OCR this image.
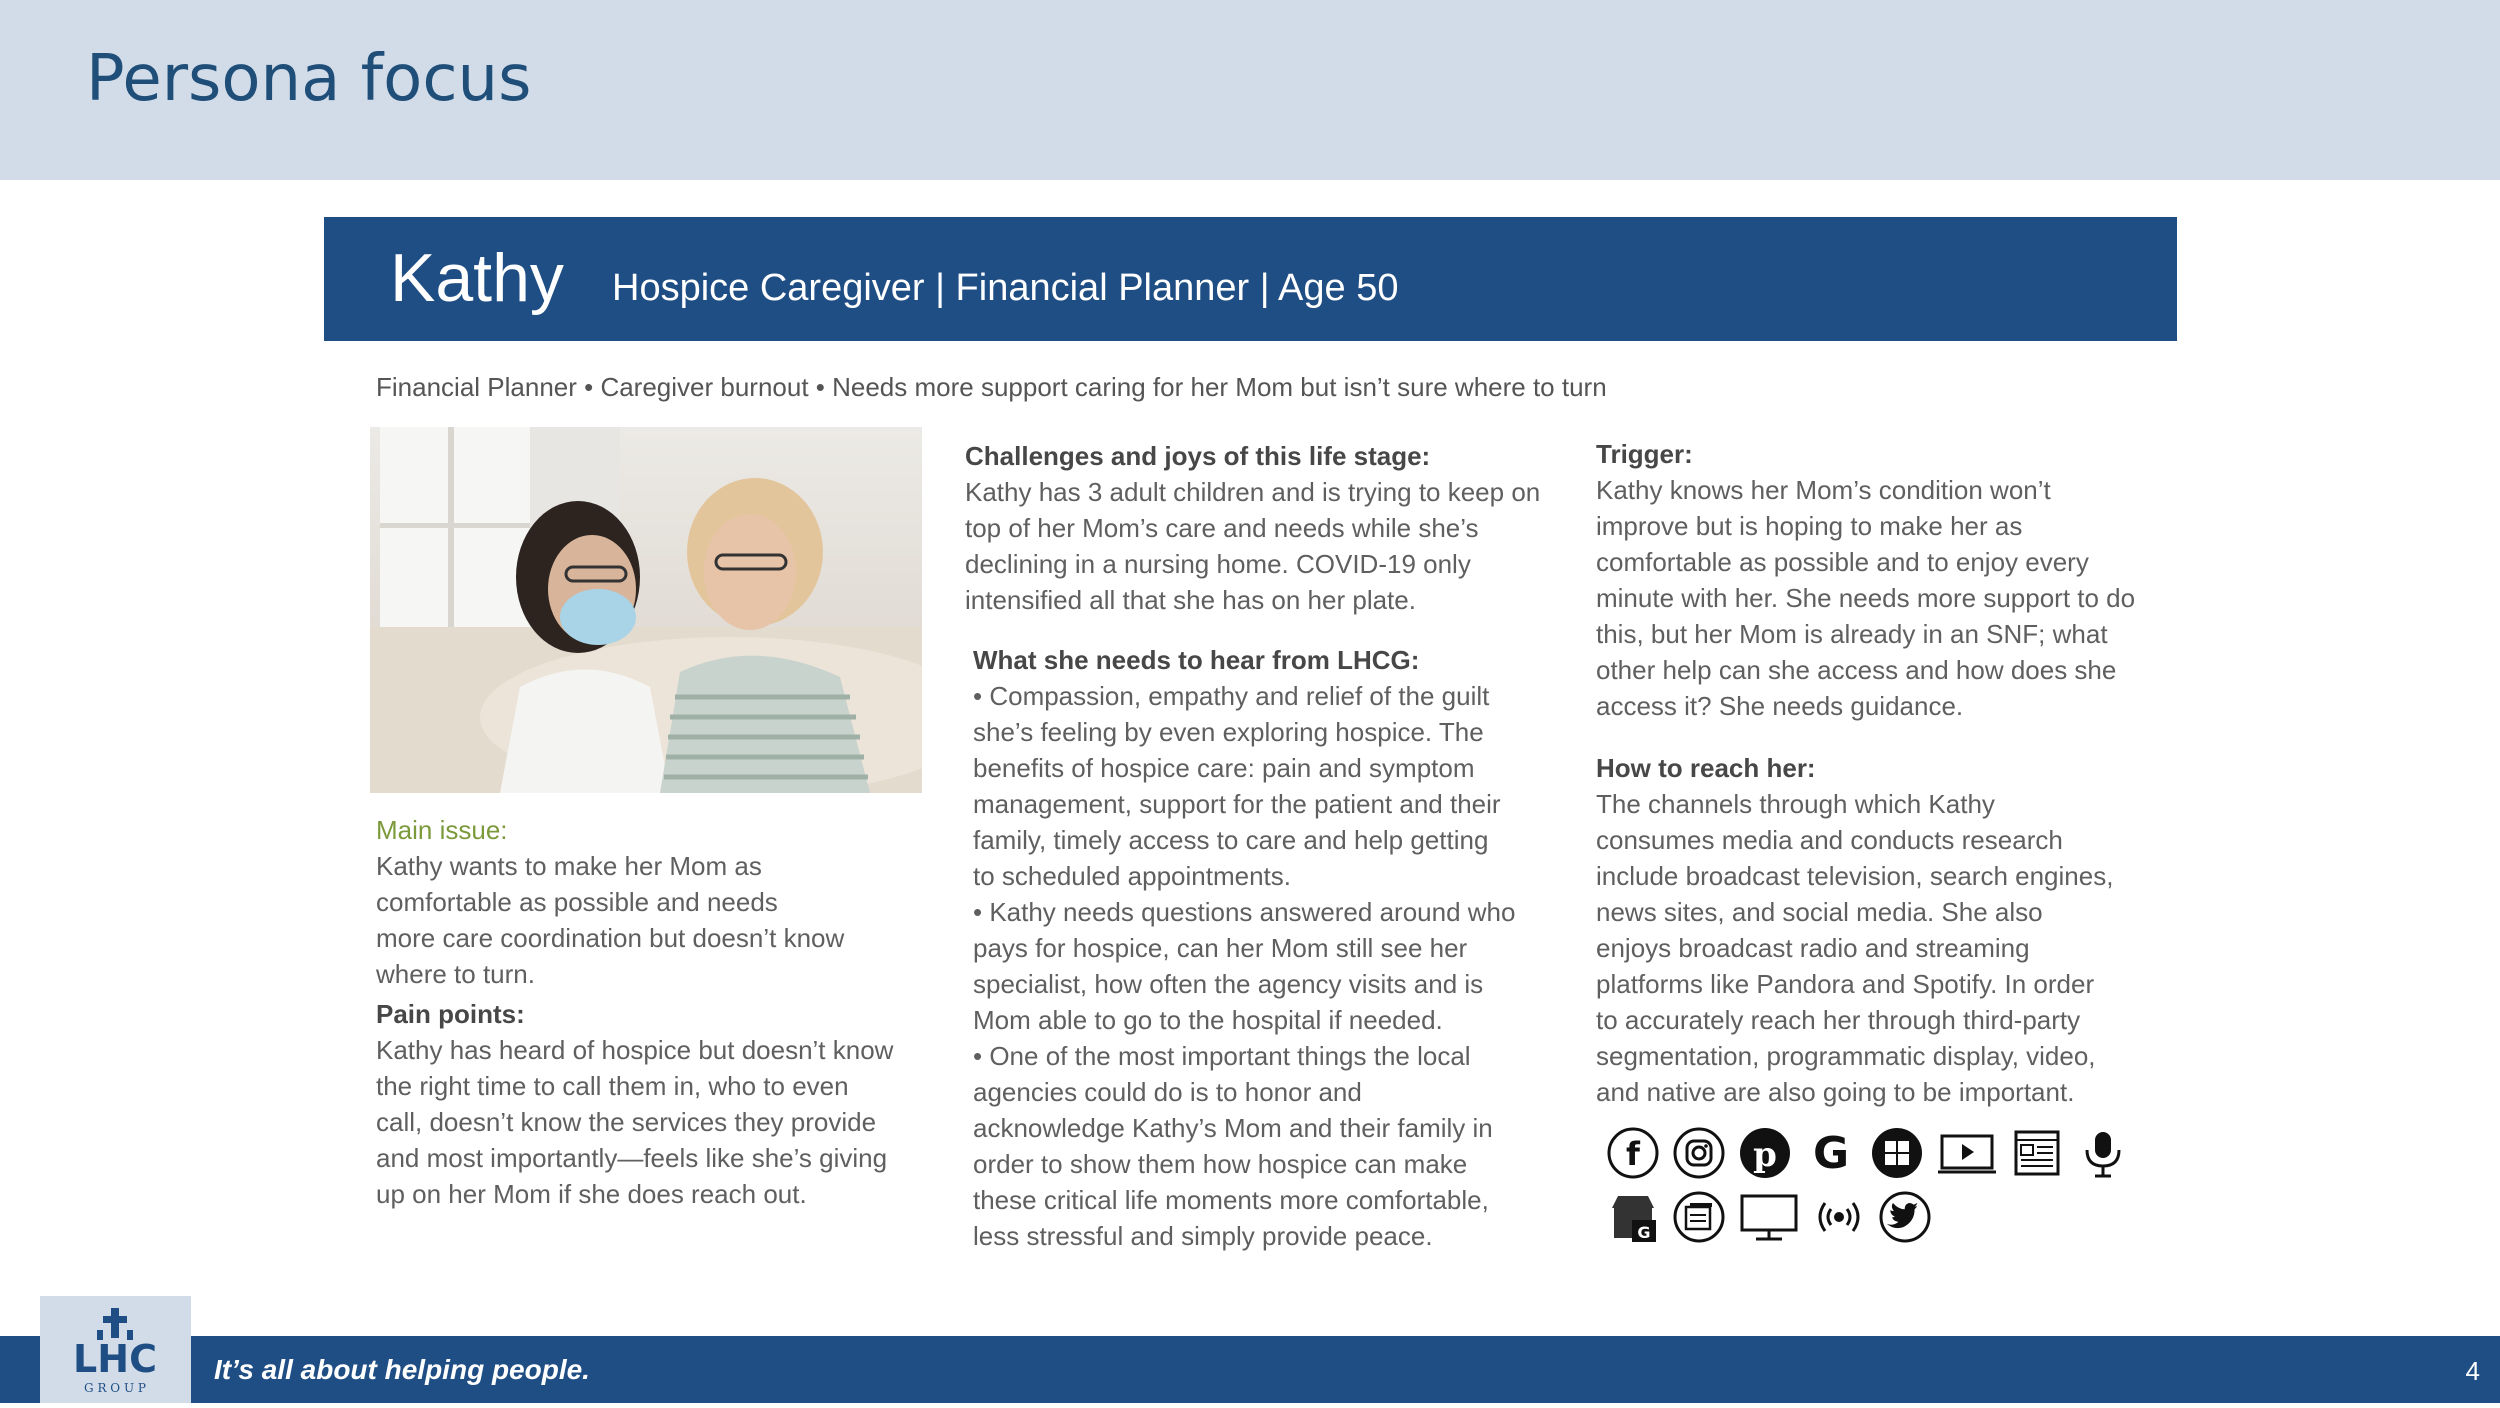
Persona focus
Kathy Hospice Caregiver | Financial Planner | Age 50
Financial Planner • Caregiver burnout • Needs more support caring for her Mom but isn’t sure where to turn

Main issue:

Kathy wants to make her Mom as

comfortable as possible and needs

more care coordination but doesn’t know

where to turn.

Pain points:

Kathy has heard of hospice but doesn’t know

the right time to call them in, who to even

call, doesn’t know the services they provide

and most importantly—feels like she’s giving

up on her Mom if she does reach out.

Challenges and joys of this life stage:

Kathy has 3 adult children and is trying to keep on

top of her Mom’s care and needs while she’s

declining in a nursing home. COVID-19 only

intensified all that she has on her plate.

What she needs to hear from LHCG:

• Compassion, empathy and relief of the guilt

she’s feeling by even exploring hospice. The

benefits of hospice care: pain and symptom

management, support for the patient and their

family, timely access to care and help getting

to scheduled appointments.

• Kathy needs questions answered around who

pays for hospice, can her Mom still see her

specialist, how often the agency visits and is

Mom able to go to the hospital if needed.

• One of the most important things the local

agencies could do is to honor and

acknowledge Kathy’s Mom and their family in

order to show them how hospice can make

these critical life moments more comfortable,

less stressful and simply provide peace.

Trigger:

Kathy knows her Mom’s condition won’t

improve but is hoping to make her as

comfortable as possible and to enjoy every

minute with her. She needs more support to do

this, but her Mom is already in an SNF; what

other help can she access and how does she

access it? She needs guidance.

How to reach her:

The channels through which Kathy

consumes media and conducts research

include broadcast television, search engines,

news sites, and social media. She also

enjoys broadcast radio and streaming

platforms like Pandora and Spotify. In order

to accurately reach her through third-party

segmentation, programmatic display, video,

and native are also going to be important.

f	p G
G
LHC
G R O U P
It’s all about helping people.	4
